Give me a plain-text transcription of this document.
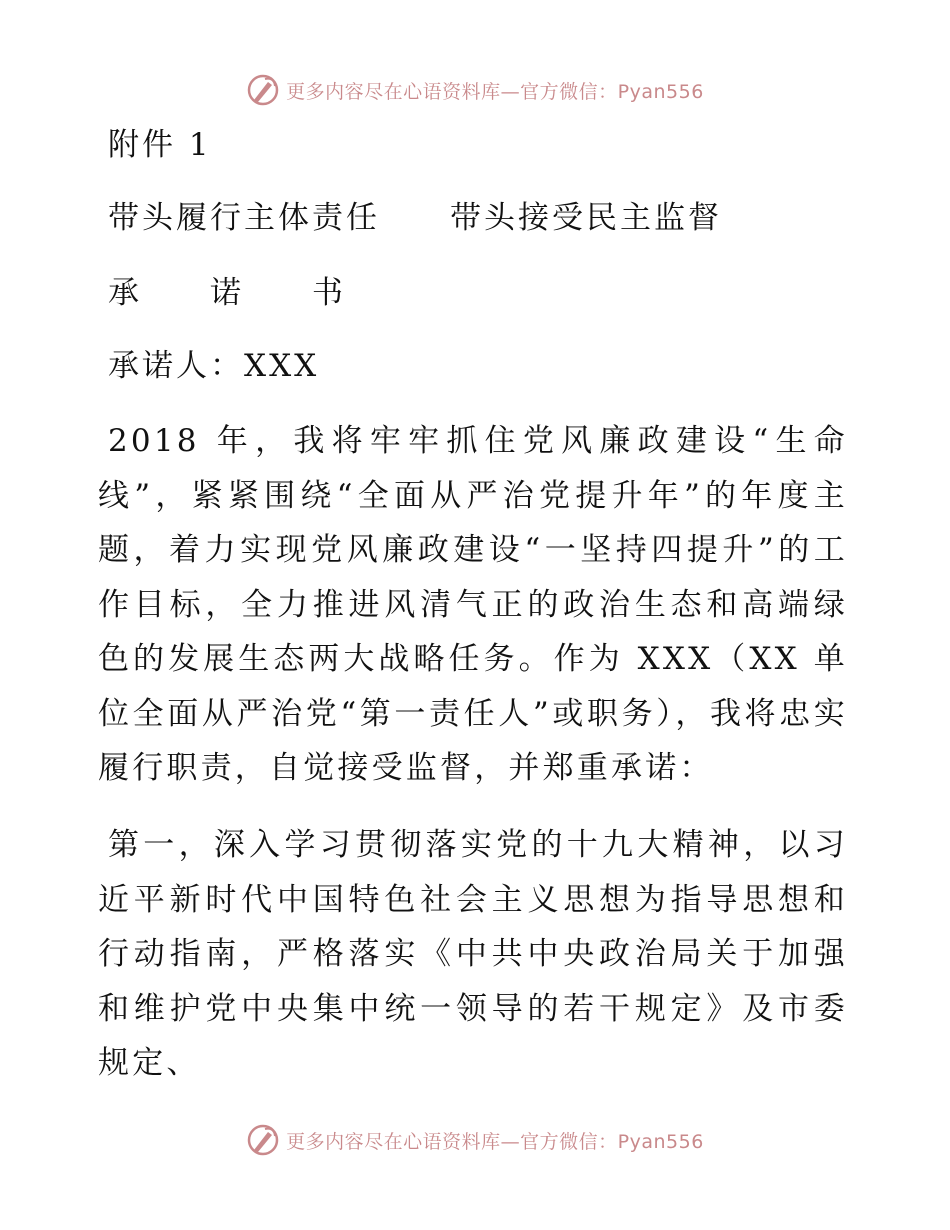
更多内容尽在心语资料库—官方微信：Pyan556
附件 1
带头履行主体责任 带头接受民主监督
承 诺 书
承诺人：XXX
2018 年，我将牢牢抓住党风廉政建设“生命线”，紧紧围绕“全面从严治党提升年”的年度主题，着力实现党风廉政建设“一坚持四提升”的工作目标，全力推进风清气正的政治生态和高端绿色的发展生态两大战略任务。作为 XXX（XX 单位全面从严治党“第一责任人”或职务），我将忠实履行职责，自觉接受监督，并郑重承诺：
第一，深入学习贯彻落实党的十九大精神，以习近平新时代中国特色社会主义思想为指导思想和行动指南，严格落实《中共中央政治局关于加强和维护党中央集中统一领导的若干规定》及市委规定、
更多内容尽在心语资料库—官方微信：Pyan556
